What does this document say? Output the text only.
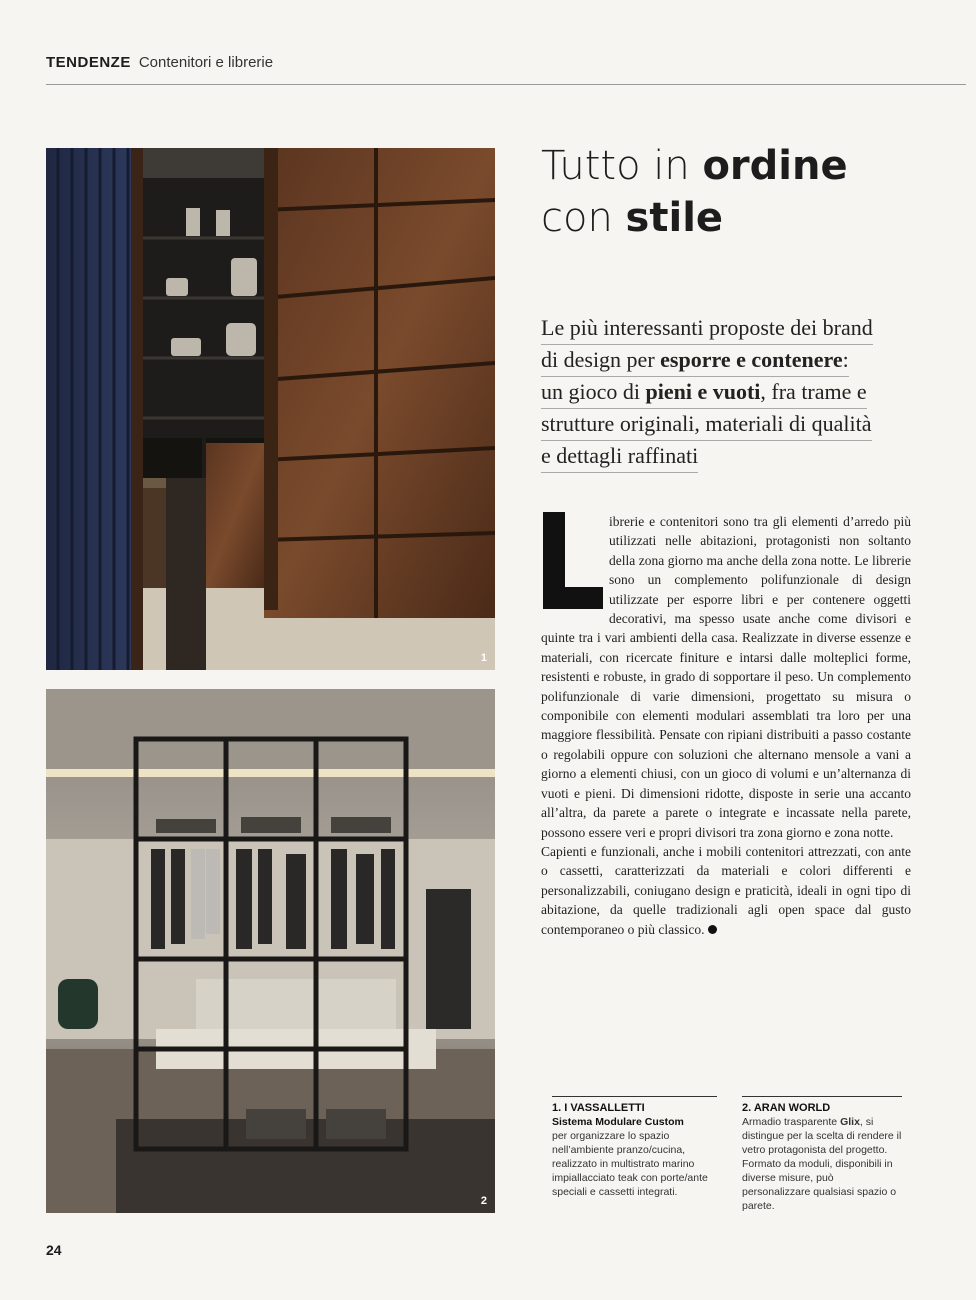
TENDENZE Contenitori e librerie
1
2
Tutto in ordine
con stile
Le più interessanti proposte dei brand
di design per esporre e contenere:
un gioco di pieni e vuoti, fra trame e
strutture originali, materiali di qualità
e dettagli raffinati
ibrerie e contenitori sono tra gli elementi d’arredo più utilizzati nelle abitazioni, protagonisti non soltanto della zona giorno ma anche della zona notte. Le librerie sono un complemento polifunzionale di design utilizzate per esporre libri e per contenere oggetti decorativi, ma spesso usate anche come divisori e quinte tra i vari ambienti della casa. Realizzate in diverse essenze e materiali, con ricercate finiture e intarsi dalle molteplici forme, resistenti e robuste, in grado di sopportare il peso. Un complemento polifunzionale di varie dimensioni, progettato su misura o componibile con elementi modulari assemblati tra loro per una maggiore flessibilità. Pensate con ripiani distribuiti a passo costante o regolabili oppure con soluzioni che alternano mensole a vani a giorno a elementi chiusi, con un gioco di volumi e un’alternanza di vuoti e pieni. Di dimensioni ridotte, disposte in serie una accanto all’altra, da parete a parete o integrate e incassate nella parete, possono essere veri e propri divisori tra zona giorno e zona notte.
Capienti e funzionali, anche i mobili contenitori attrezzati, con ante o cassetti, caratterizzati da materiali e colori differenti e personalizzabili, coniugano design e praticità, ideali in ogni tipo di abitazione, da quelle tradizionali agli open space dal gusto contemporaneo o più classico.
1. I VASSALLETTI
Sistema Modulare Custom
per organizzare lo spazio nell’ambiente pranzo/cucina, realizzato in multistrato marino impiallacciato teak con porte/ante speciali e cassetti integrati.
2. ARAN WORLD
Armadio trasparente Glix, si distingue per la scelta di rendere il vetro protagonista del progetto. Formato da moduli, disponibili in diverse misure, può personalizzare qualsiasi spazio o parete.
24
